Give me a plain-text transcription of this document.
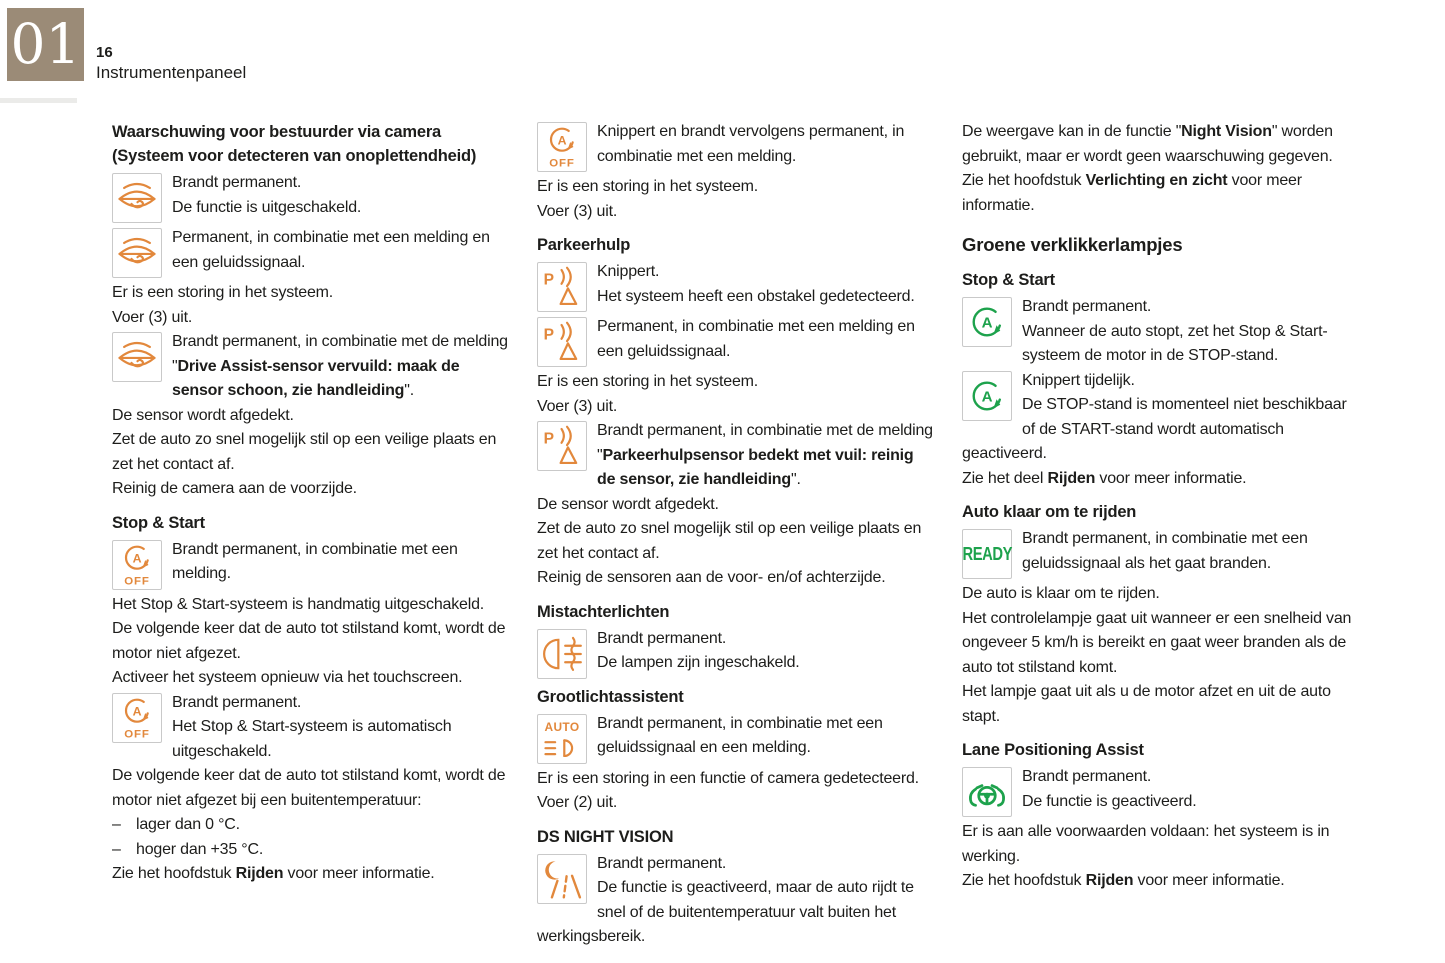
01 16
Instrumentenpaneel
Waarschuwing voor bestuurder via camera (Systeem voor detecteren van onoplettendheid)
Brandt permanent.
De functie is uitgeschakeld.

Permanent, in combinatie met een melding en een geluidssignaal.

Er is een storing in het systeem.

Voer (3) uit.

Brandt permanent, in combinatie met de melding "Drive Assist-sensor vervuild: maak de sensor schoon, zie handleiding".

De sensor wordt afgedekt.

Zet de auto zo snel mogelijk stil op een veilige plaats en zet het contact af.

Reinig de camera aan de voorzijde.

Stop & Start

Brandt permanent, in combinatie met een melding.

Het Stop & Start-systeem is handmatig uitgeschakeld.

De volgende keer dat de auto tot stilstand komt, wordt de motor niet afgezet.

Activeer het systeem opnieuw via het touchscreen.

Brandt permanent.

Het Stop & Start-systeem is automatisch uitgeschakeld.

De volgende keer dat de auto tot stilstand komt, wordt de motor niet afgezet bij een buitentemperatuur:

– lager dan 0 °C.
– hoger dan +35 °C.

Zie het hoofdstuk Rijden voor meer informatie.

Knippert en brandt vervolgens permanent, in combinatie met een melding.

Er is een storing in het systeem.

Voer (3) uit.

Parkeerhulp
Knippert.
Het systeem heeft een obstakel gedetecteerd.

Permanent, in combinatie met een melding en een geluidssignaal.

Er is een storing in het systeem.

Voer (3) uit.

Brandt permanent, in combinatie met de melding "Parkeerhulpsensor bedekt met vuil: reinig de sensor, zie handleiding".

De sensor wordt afgedekt.

Zet de auto zo snel mogelijk stil op een veilige plaats en zet het contact af.

Reinig de sensoren aan de voor- en/of achterzijde.

Mistachterlichten
Brandt permanent.
De lampen zijn ingeschakeld.
Grootlichtassistent

Brandt permanent, in combinatie met een geluidssignaal en een melding.

Er is een storing in een functie of camera gedetecteerd.

Voer (2) uit.

DS NIGHT VISION
Brandt permanent.

De functie is geactiveerd, maar de auto rijdt te snel of de buitentemperatuur valt buiten het werkingsbereik.

De weergave kan in de functie "Night Vision" worden gebruikt, maar er wordt geen waarschuwing gegeven.

Zie het hoofdstuk Verlichting en zicht voor meer informatie.

Groene verklikkerlampjes
Stop & Start
Brandt permanent.

Wanneer de auto stopt, zet het Stop & Start-systeem de motor in de STOP-stand.

Knippert tijdelijk.

De STOP-stand is momenteel niet beschikbaar of de START-stand wordt automatisch geactiveerd.

Zie het deel Rijden voor meer informatie.

Auto klaar om te rijden
READY

Brandt permanent, in combinatie met een geluidssignaal als het gaat branden.

De auto is klaar om te rijden.

Het controlelampje gaat uit wanneer er een snelheid van ongeveer 5 km/h is bereikt en gaat weer branden als de auto tot stilstand komt.

Het lampje gaat uit als u de motor afzet en uit de auto stapt.

Lane Positioning Assist
Brandt permanent.
De functie is geactiveerd.

Er is aan alle voorwaarden voldaan: het systeem is in werking.

Zie het hoofdstuk Rijden voor meer informatie.
